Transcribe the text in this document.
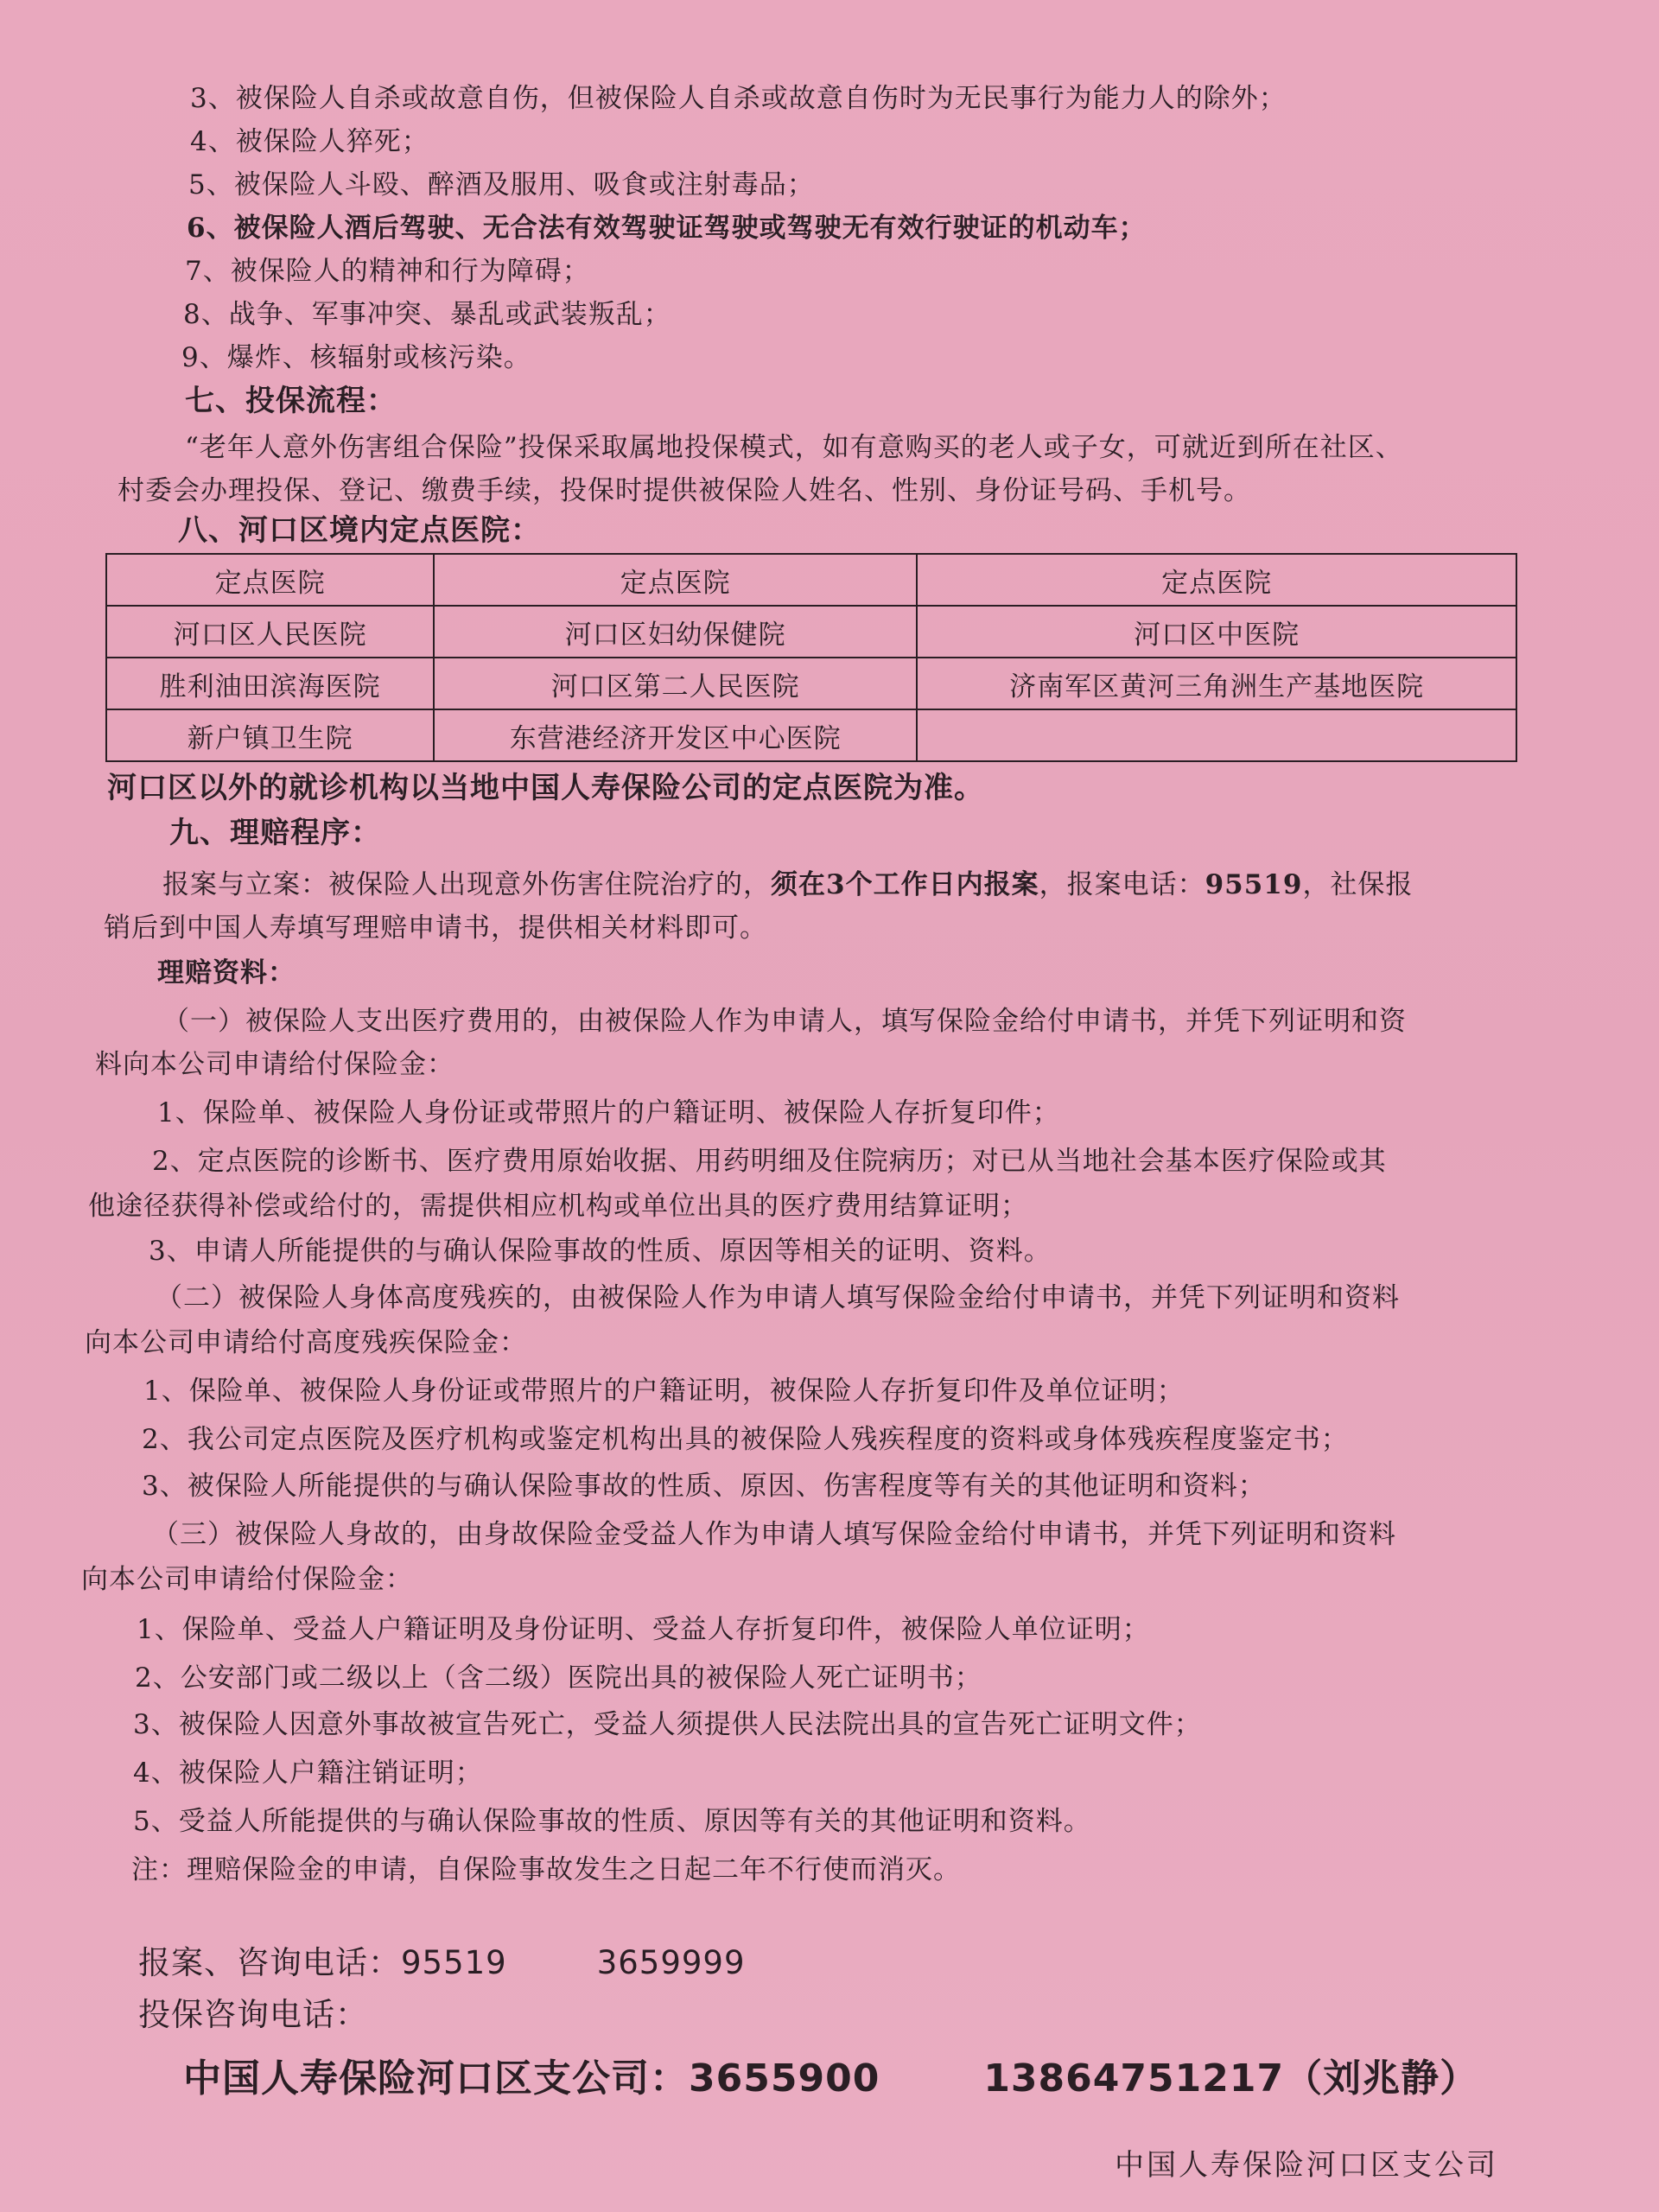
3、被保险人自杀或故意自伤，但被保险人自杀或故意自伤时为无民事行为能力人的除外；
4、被保险人猝死；
5、被保险人斗殴、醉酒及服用、吸食或注射毒品；
6、被保险人酒后驾驶、无合法有效驾驶证驾驶或驾驶无有效行驶证的机动车；
7、被保险人的精神和行为障碍；
8、战争、军事冲突、暴乱或武装叛乱；
9、爆炸、核辐射或核污染。
七、投保流程：
“老年人意外伤害组合保险”投保采取属地投保模式，如有意购买的老人或子女，可就近到所在社区、
村委会办理投保、登记、缴费手续，投保时提供被保险人姓名、性别、身份证号码、手机号。
八、河口区境内定点医院：
定点医院	定点医院	定点医院
河口区人民医院	河口区妇幼保健院	河口区中医院
胜利油田滨海医院	河口区第二人民医院	济南军区黄河三角洲生产基地医院
新户镇卫生院	东营港经济开发区中心医院	
河口区以外的就诊机构以当地中国人寿保险公司的定点医院为准。
九、理赔程序：
报案与立案：被保险人出现意外伤害住院治疗的，须在3个工作日内报案，报案电话：95519，社保报
销后到中国人寿填写理赔申请书，提供相关材料即可。
理赔资料：
（一）被保险人支出医疗费用的，由被保险人作为申请人，填写保险金给付申请书，并凭下列证明和资
料向本公司申请给付保险金：
1、保险单、被保险人身份证或带照片的户籍证明、被保险人存折复印件；
2、定点医院的诊断书、医疗费用原始收据、用药明细及住院病历；对已从当地社会基本医疗保险或其
他途径获得补偿或给付的，需提供相应机构或单位出具的医疗费用结算证明；
3、申请人所能提供的与确认保险事故的性质、原因等相关的证明、资料。
（二）被保险人身体高度残疾的，由被保险人作为申请人填写保险金给付申请书，并凭下列证明和资料
向本公司申请给付高度残疾保险金：
1、保险单、被保险人身份证或带照片的户籍证明，被保险人存折复印件及单位证明；
2、我公司定点医院及医疗机构或鉴定机构出具的被保险人残疾程度的资料或身体残疾程度鉴定书；
3、被保险人所能提供的与确认保险事故的性质、原因、伤害程度等有关的其他证明和资料；
（三）被保险人身故的，由身故保险金受益人作为申请人填写保险金给付申请书，并凭下列证明和资料
向本公司申请给付保险金：
1、保险单、受益人户籍证明及身份证明、受益人存折复印件，被保险人单位证明；
2、公安部门或二级以上（含二级）医院出具的被保险人死亡证明书；
3、被保险人因意外事故被宣告死亡，受益人须提供人民法院出具的宣告死亡证明文件；
4、被保险人户籍注销证明；
5、受益人所能提供的与确认保险事故的性质、原因等有关的其他证明和资料。
注：理赔保险金的申请，自保险事故发生之日起二年不行使而消灭。
报案、咨询电话：95519	3659999
投保咨询电话：
中国人寿保险河口区支公司：3655900	13864751217（刘兆静）
中国人寿保险河口区支公司
